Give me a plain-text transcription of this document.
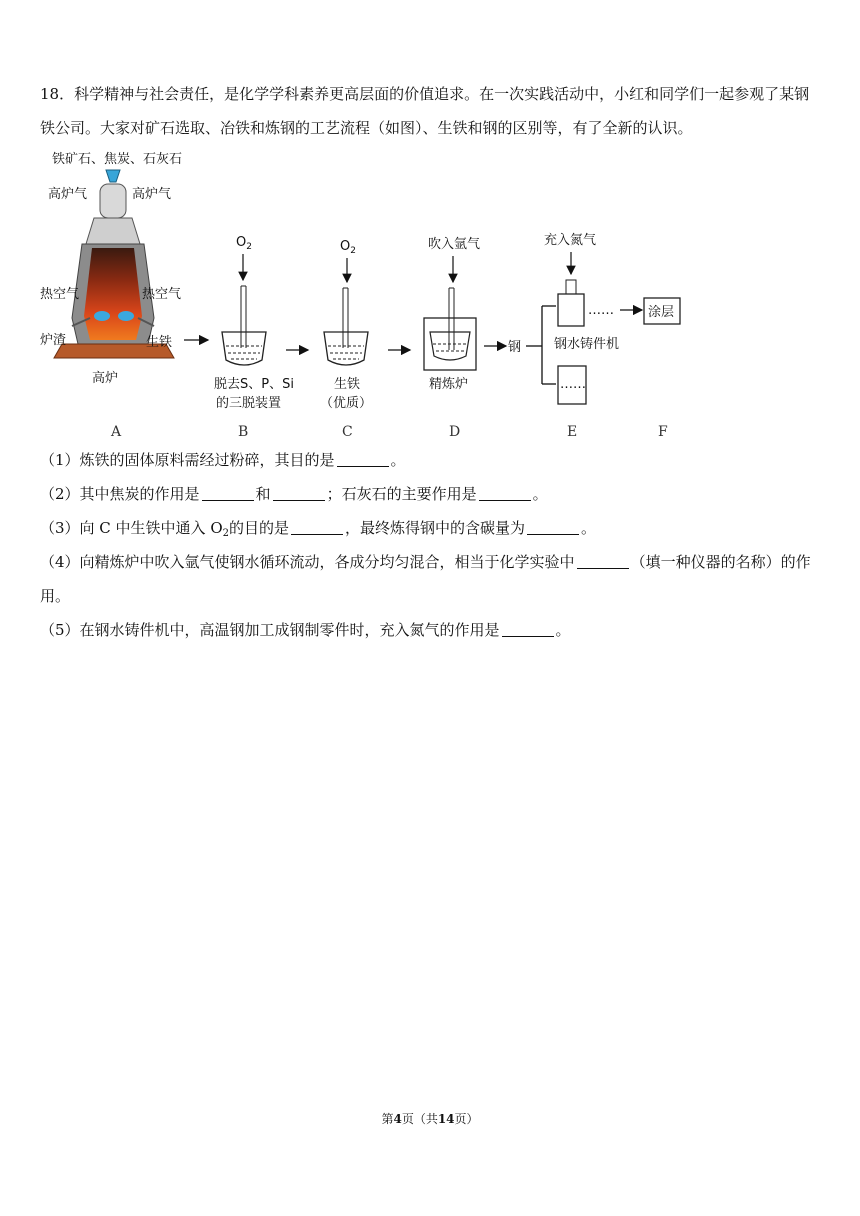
18．科学精神与社会责任，是化学学科素养更高层面的价值追求。在一次实践活动中，小红和同学们一起参观了某钢
铁公司。大家对矿石选取、冶铁和炼钢的工艺流程（如图）、生铁和钢的区别等，有了全新的认识。
铁矿石、焦炭、石灰石
高炉气	高炉气
热空气	热空气
炉渣	生铁
高炉
$O_2$
脱去S、P、Si
的三脱装置
$O_2$
生铁
（优质）
吹入氩气
精炼炉
钢
充入氮气
钢水铸件机
……
……
涂层
A	B	C	D	E	F
（1）炼铁的固体原料需经过粉碎，其目的是	。
（2）其中焦炭的作用是	和	；石灰石的主要作用是	。
（3）向 C 中生铁中通入 $O_2$的目的是	，最终炼得钢中的含碳量为	。
（4）向精炼炉中吹入氩气使钢水循环流动，各成分均匀混合，相当于化学实验中	（填一种仪器的名称）的作
用。
（5）在钢水铸件机中，高温钢加工成钢制零件时，充入氮气的作用是	。
第4页（共14页）
